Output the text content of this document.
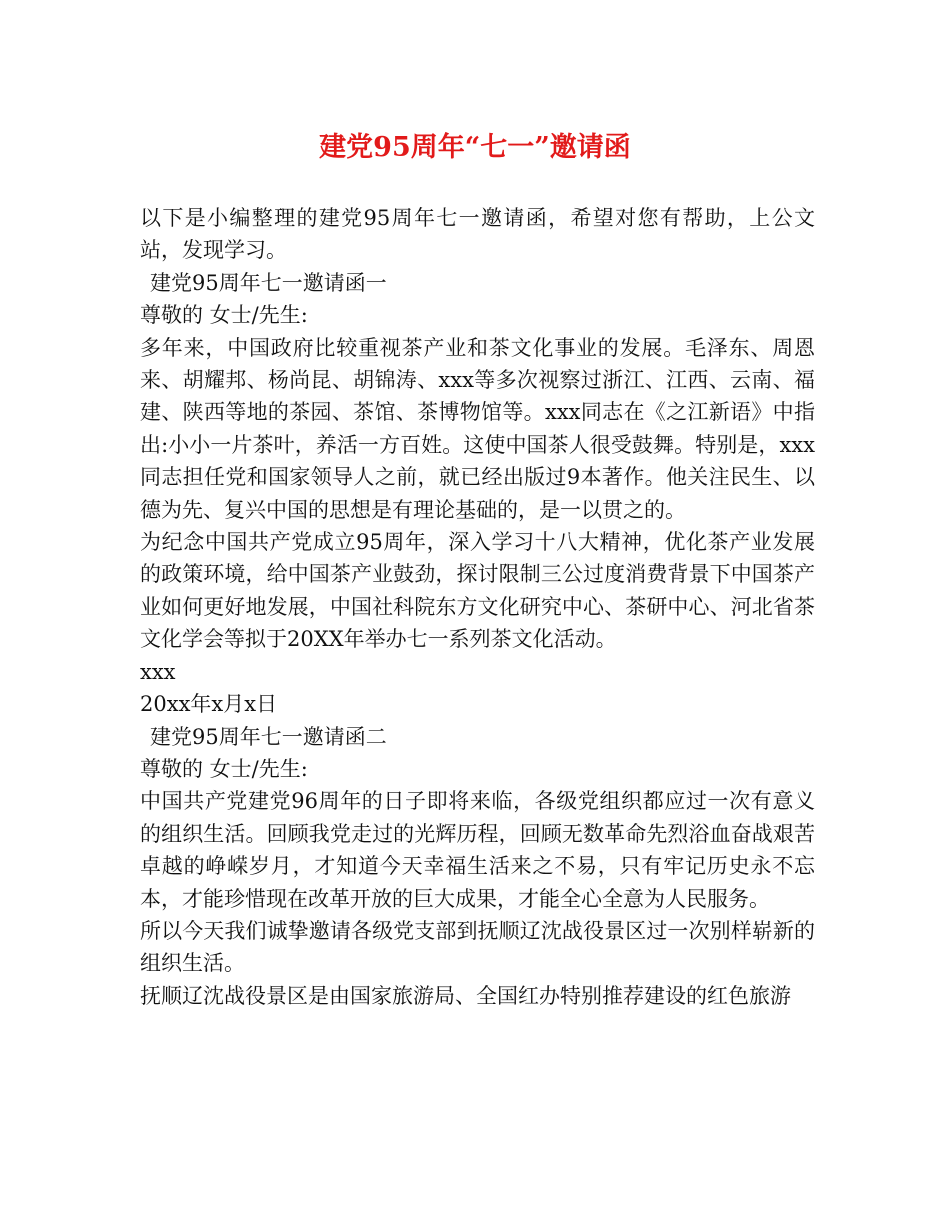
建党95周年“七一”邀请函

以下是小编整理的建党95周年七一邀请函，希望对您有帮助，上公文站，发现学习。

建党95周年七一邀请函一

尊敬的 女士/先生:

多年来，中国政府比较重视茶产业和茶文化事业的发展。毛泽东、周恩来、胡耀邦、杨尚昆、胡锦涛、xxx等多次视察过浙江、江西、云南、福建、陕西等地的茶园、茶馆、茶博物馆等。xxx同志在《之江新语》中指出:小小一片茶叶，养活一方百姓。这使中国茶人很受鼓舞。特别是，xxx同志担任党和国家领导人之前，就已经出版过9本著作。他关注民生、以德为先、复兴中国的思想是有理论基础的，是一以贯之的。

为纪念中国共产党成立95周年，深入学习十八大精神，优化茶产业发展的政策环境，给中国茶产业鼓劲，探讨限制三公过度消费背景下中国茶产业如何更好地发展，中国社科院东方文化研究中心、茶研中心、河北省茶文化学会等拟于20XX年举办七一系列茶文化活动。

xxx

20xx年x月x日

建党95周年七一邀请函二

尊敬的 女士/先生:

中国共产党建党96周年的日子即将来临，各级党组织都应过一次有意义的组织生活。回顾我党走过的光辉历程，回顾无数革命先烈浴血奋战艰苦卓越的峥嵘岁月，才知道今天幸福生活来之不易，只有牢记历史永不忘本，才能珍惜现在改革开放的巨大成果，才能全心全意为人民服务。

所以今天我们诚挚邀请各级党支部到抚顺辽沈战役景区过一次别样崭新的组织生活。

抚顺辽沈战役景区是由国家旅游局、全国红办特别推荐建设的红色旅游
